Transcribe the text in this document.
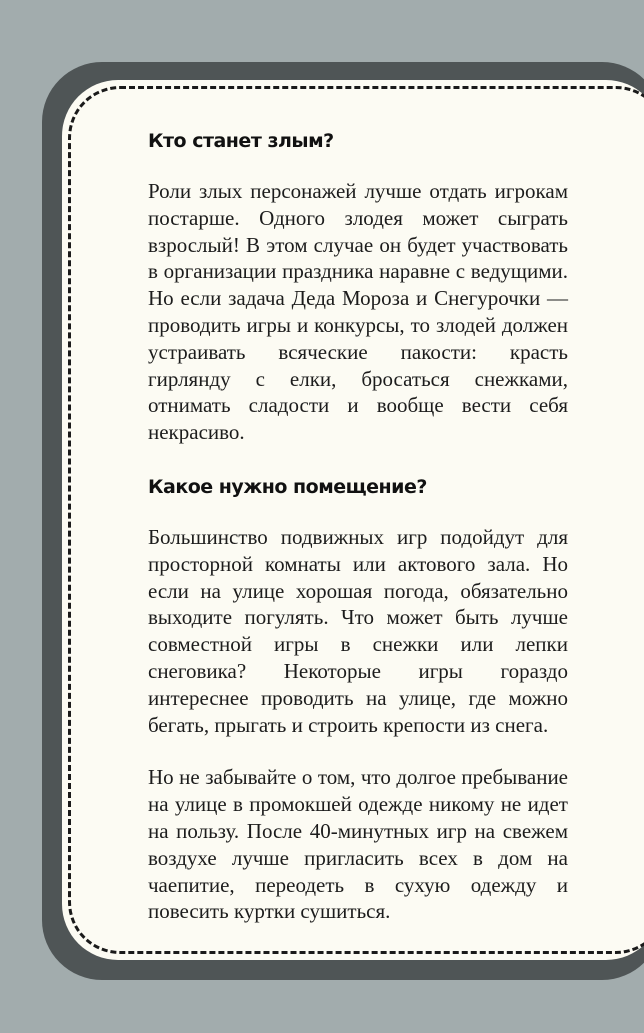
Кто станет злым?

Роли злых персонажей лучше отдать игрокам постарше. Одного злодея может сыграть взрослый! В этом случае он будет участвовать в организации праздника наравне с ведущими. Но если задача Деда Мороза и Снегурочки — проводить игры и конкурсы, то злодей должен устраивать всяческие пакости: красть гирлянду с елки, бросаться снежками, отнимать сладости и вообще вести себя некрасиво.

Какое нужно помещение?

Большинство подвижных игр подойдут для просторной комнаты или актового зала. Но если на улице хорошая погода, обязательно выходите погулять. Что может быть лучше совместной игры в снежки или лепки снеговика? Некоторые игры гораздо интереснее проводить на улице, где можно бегать, прыгать и строить крепости из снега.

Но не забывайте о том, что долгое пребывание на улице в промокшей одежде никому не идет на пользу. После 40-минутных игр на свежем воздухе лучше пригласить всех в дом на чаепитие, переодеть в сухую одежду и повесить куртки сушиться.
